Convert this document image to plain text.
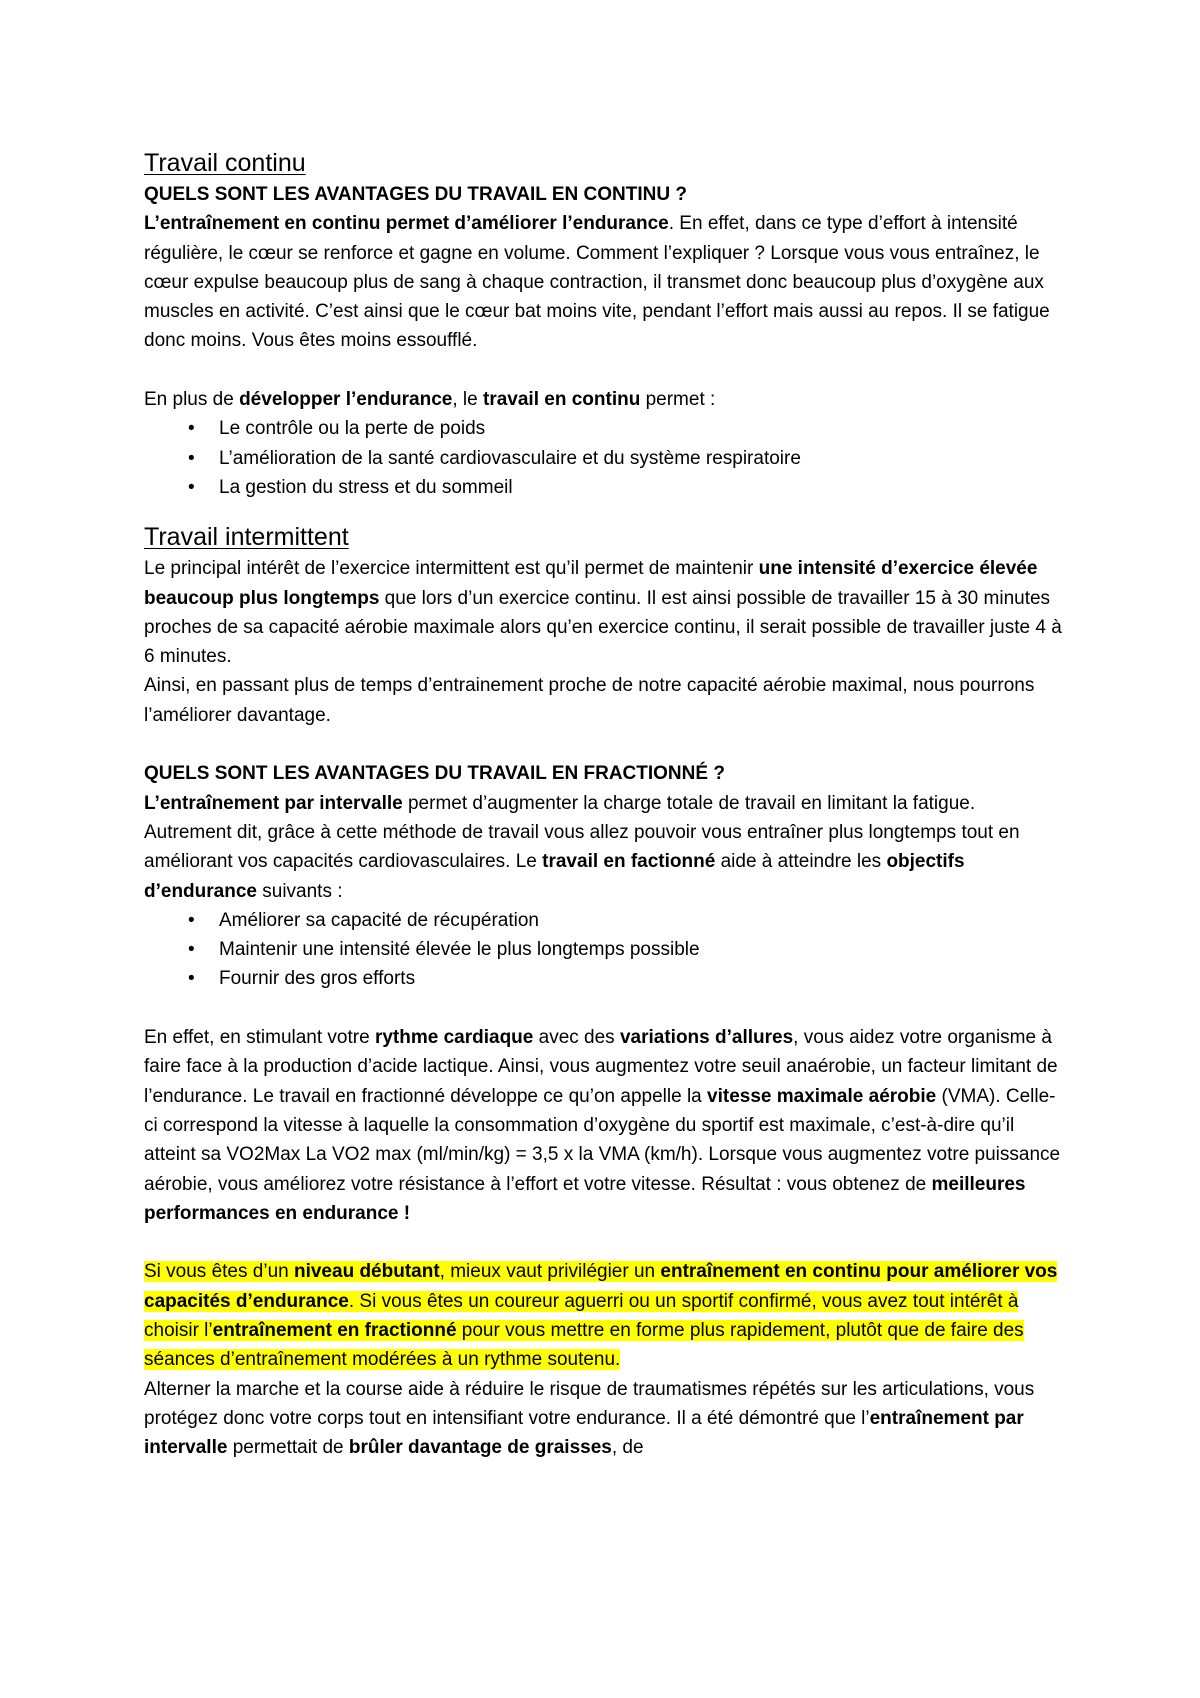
Travail continu

QUELS SONT LES AVANTAGES DU TRAVAIL EN CONTINU ?

L’entraînement en continu permet d’améliorer l’endurance. En effet, dans ce type d’effort à intensité régulière, le cœur se renforce et gagne en volume. Comment l’expliquer ? Lorsque vous vous entraînez, le cœur expulse beaucoup plus de sang à chaque contraction, il transmet donc beaucoup plus d’oxygène aux muscles en activité. C’est ainsi que le cœur bat moins vite, pendant l’effort mais aussi au repos. Il se fatigue donc moins. Vous êtes moins essoufflé.

En plus de développer l’endurance, le travail en continu permet :

• Le contrôle ou la perte de poids
• L’amélioration de la santé cardiovasculaire et du système respiratoire
• La gestion du stress et du sommeil
Travail intermittent

Le principal intérêt de l’exercice intermittent est qu’il permet de maintenir une intensité d’exercice élevée beaucoup plus longtemps que lors d’un exercice continu. Il est ainsi possible de travailler 15 à 30 minutes proches de sa capacité aérobie maximale alors qu’en exercice continu, il serait possible de travailler juste 4 à 6 minutes.

Ainsi, en passant plus de temps d’entrainement proche de notre capacité aérobie maximal, nous pourrons l’améliorer davantage.

QUELS SONT LES AVANTAGES DU TRAVAIL EN FRACTIONNÉ ?

L’entraînement par intervalle permet d’augmenter la charge totale de travail en limitant la fatigue. Autrement dit, grâce à cette méthode de travail vous allez pouvoir vous entraîner plus longtemps tout en améliorant vos capacités cardiovasculaires. Le travail en factionné aide à atteindre les objectifs d’endurance suivants :

• Améliorer sa capacité de récupération
• Maintenir une intensité élevée le plus longtemps possible
• Fournir des gros efforts

En effet, en stimulant votre rythme cardiaque avec des variations d’allures, vous aidez votre organisme à faire face à la production d’acide lactique. Ainsi, vous augmentez votre seuil anaérobie, un facteur limitant de l’endurance. Le travail en fractionné développe ce qu’on appelle la vitesse maximale aérobie (VMA). Celle-ci correspond la vitesse à laquelle la consommation d’oxygène du sportif est maximale, c’est-à-dire qu’il atteint sa VO2Max La VO2 max (ml/min/kg) = 3,5 x la VMA (km/h). Lorsque vous augmentez votre puissance aérobie, vous améliorez votre résistance à l’effort et votre vitesse. Résultat : vous obtenez de meilleures performances en endurance !

Si vous êtes d’un niveau débutant, mieux vaut privilégier un entraînement en continu pour améliorer vos capacités d’endurance. Si vous êtes un coureur aguerri ou un sportif confirmé, vous avez tout intérêt à choisir l’entraînement en fractionné pour vous mettre en forme plus rapidement, plutôt que de faire des séances d’entraînement modérées à un rythme soutenu.

Alterner la marche et la course aide à réduire le risque de traumatismes répétés sur les articulations, vous protégez donc votre corps tout en intensifiant votre endurance. Il a été démontré que l’entraînement par intervalle permettait de brûler davantage de graisses, de
